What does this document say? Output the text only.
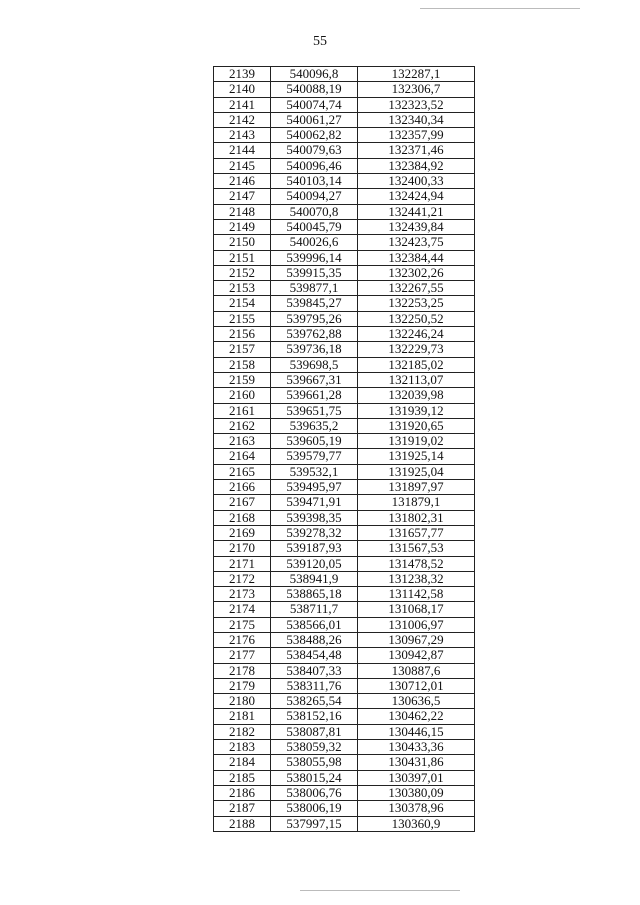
55
2139	540096,8	132287,1
2140	540088,19	132306,7
2141	540074,74	132323,52
2142	540061,27	132340,34
2143	540062,82	132357,99
2144	540079,63	132371,46
2145	540096,46	132384,92
2146	540103,14	132400,33
2147	540094,27	132424,94
2148	540070,8	132441,21
2149	540045,79	132439,84
2150	540026,6	132423,75
2151	539996,14	132384,44
2152	539915,35	132302,26
2153	539877,1	132267,55
2154	539845,27	132253,25
2155	539795,26	132250,52
2156	539762,88	132246,24
2157	539736,18	132229,73
2158	539698,5	132185,02
2159	539667,31	132113,07
2160	539661,28	132039,98
2161	539651,75	131939,12
2162	539635,2	131920,65
2163	539605,19	131919,02
2164	539579,77	131925,14
2165	539532,1	131925,04
2166	539495,97	131897,97
2167	539471,91	131879,1
2168	539398,35	131802,31
2169	539278,32	131657,77
2170	539187,93	131567,53
2171	539120,05	131478,52
2172	538941,9	131238,32
2173	538865,18	131142,58
2174	538711,7	131068,17
2175	538566,01	131006,97
2176	538488,26	130967,29
2177	538454,48	130942,87
2178	538407,33	130887,6
2179	538311,76	130712,01
2180	538265,54	130636,5
2181	538152,16	130462,22
2182	538087,81	130446,15
2183	538059,32	130433,36
2184	538055,98	130431,86
2185	538015,24	130397,01
2186	538006,76	130380,09
2187	538006,19	130378,96
2188	537997,15	130360,9
